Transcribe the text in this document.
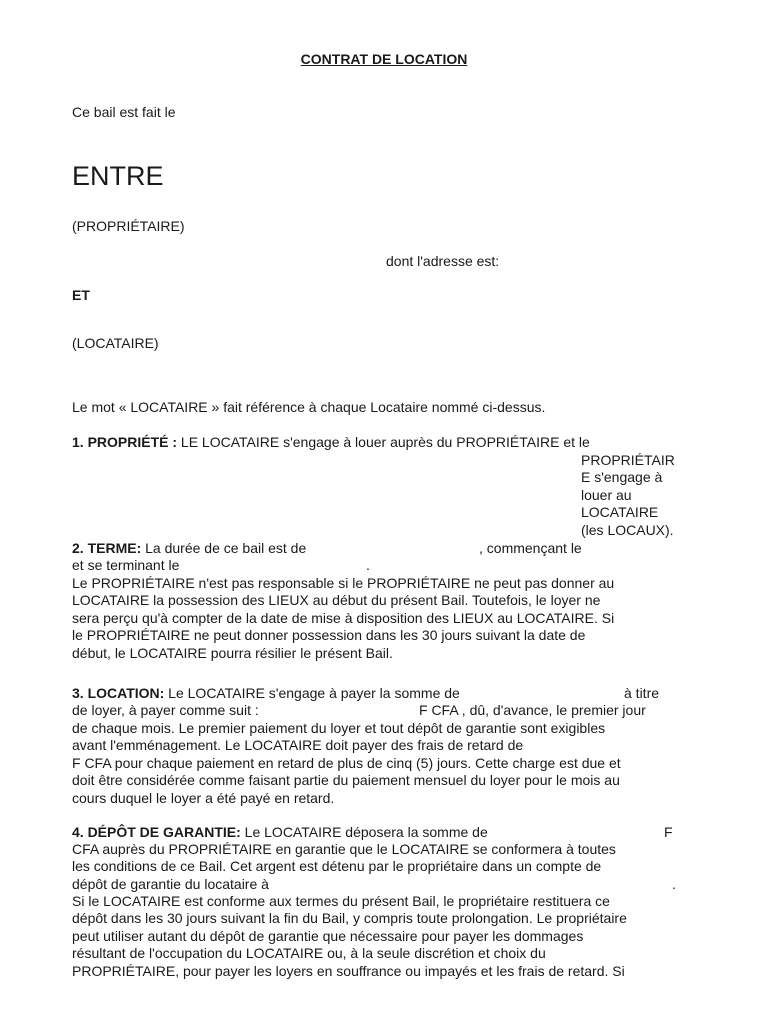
CONTRAT DE LOCATION
Ce bail est fait le
ENTRE
(PROPRIÉTAIRE)
dont l'adresse est:
ET
(LOCATAIRE)
Le mot « LOCATAIRE » fait référence à chaque Locataire nommé ci-dessus.
1. PROPRIÉTÉ : LE LOCATAIRE s'engage à louer auprès du PROPRIÉTAIRE et le
PROPRIÉTAIR
E s'engage à
louer au
LOCATAIRE
(les LOCAUX).
2. TERME: La durée de ce bail est de	, commençant le
et se terminant le	.
Le PROPRIÉTAIRE n'est pas responsable si le PROPRIÉTAIRE ne peut pas donner au
LOCATAIRE la possession des LIEUX au début du présent Bail. Toutefois, le loyer ne
sera perçu qu'à compter de la date de mise à disposition des LIEUX au LOCATAIRE. Si
le PROPRIÉTAIRE ne peut donner possession dans les 30 jours suivant la date de
début, le LOCATAIRE pourra résilier le présent Bail.
3. LOCATION: Le LOCATAIRE s'engage à payer la somme de	à titre
de loyer, à payer comme suit :	F CFA , dû, d'avance, le premier jour
de chaque mois. Le premier paiement du loyer et tout dépôt de garantie sont exigibles
avant l'emménagement. Le LOCATAIRE doit payer des frais de retard de
F CFA pour chaque paiement en retard de plus de cinq (5) jours. Cette charge est due et
doit être considérée comme faisant partie du paiement mensuel du loyer pour le mois au
cours duquel le loyer a été payé en retard.
4. DÉPÔT DE GARANTIE: Le LOCATAIRE déposera la somme de	F
CFA auprès du PROPRIÉTAIRE en garantie que le LOCATAIRE se conformera à toutes
les conditions de ce Bail. Cet argent est détenu par le propriétaire dans un compte de
dépôt de garantie du locataire à	.
Si le LOCATAIRE est conforme aux termes du présent Bail, le propriétaire restituera ce
dépôt dans les 30 jours suivant la fin du Bail, y compris toute prolongation. Le propriétaire
peut utiliser autant du dépôt de garantie que nécessaire pour payer les dommages
résultant de l'occupation du LOCATAIRE ou, à la seule discrétion et choix du
PROPRIÉTAIRE, pour payer les loyers en souffrance ou impayés et les frais de retard. Si
